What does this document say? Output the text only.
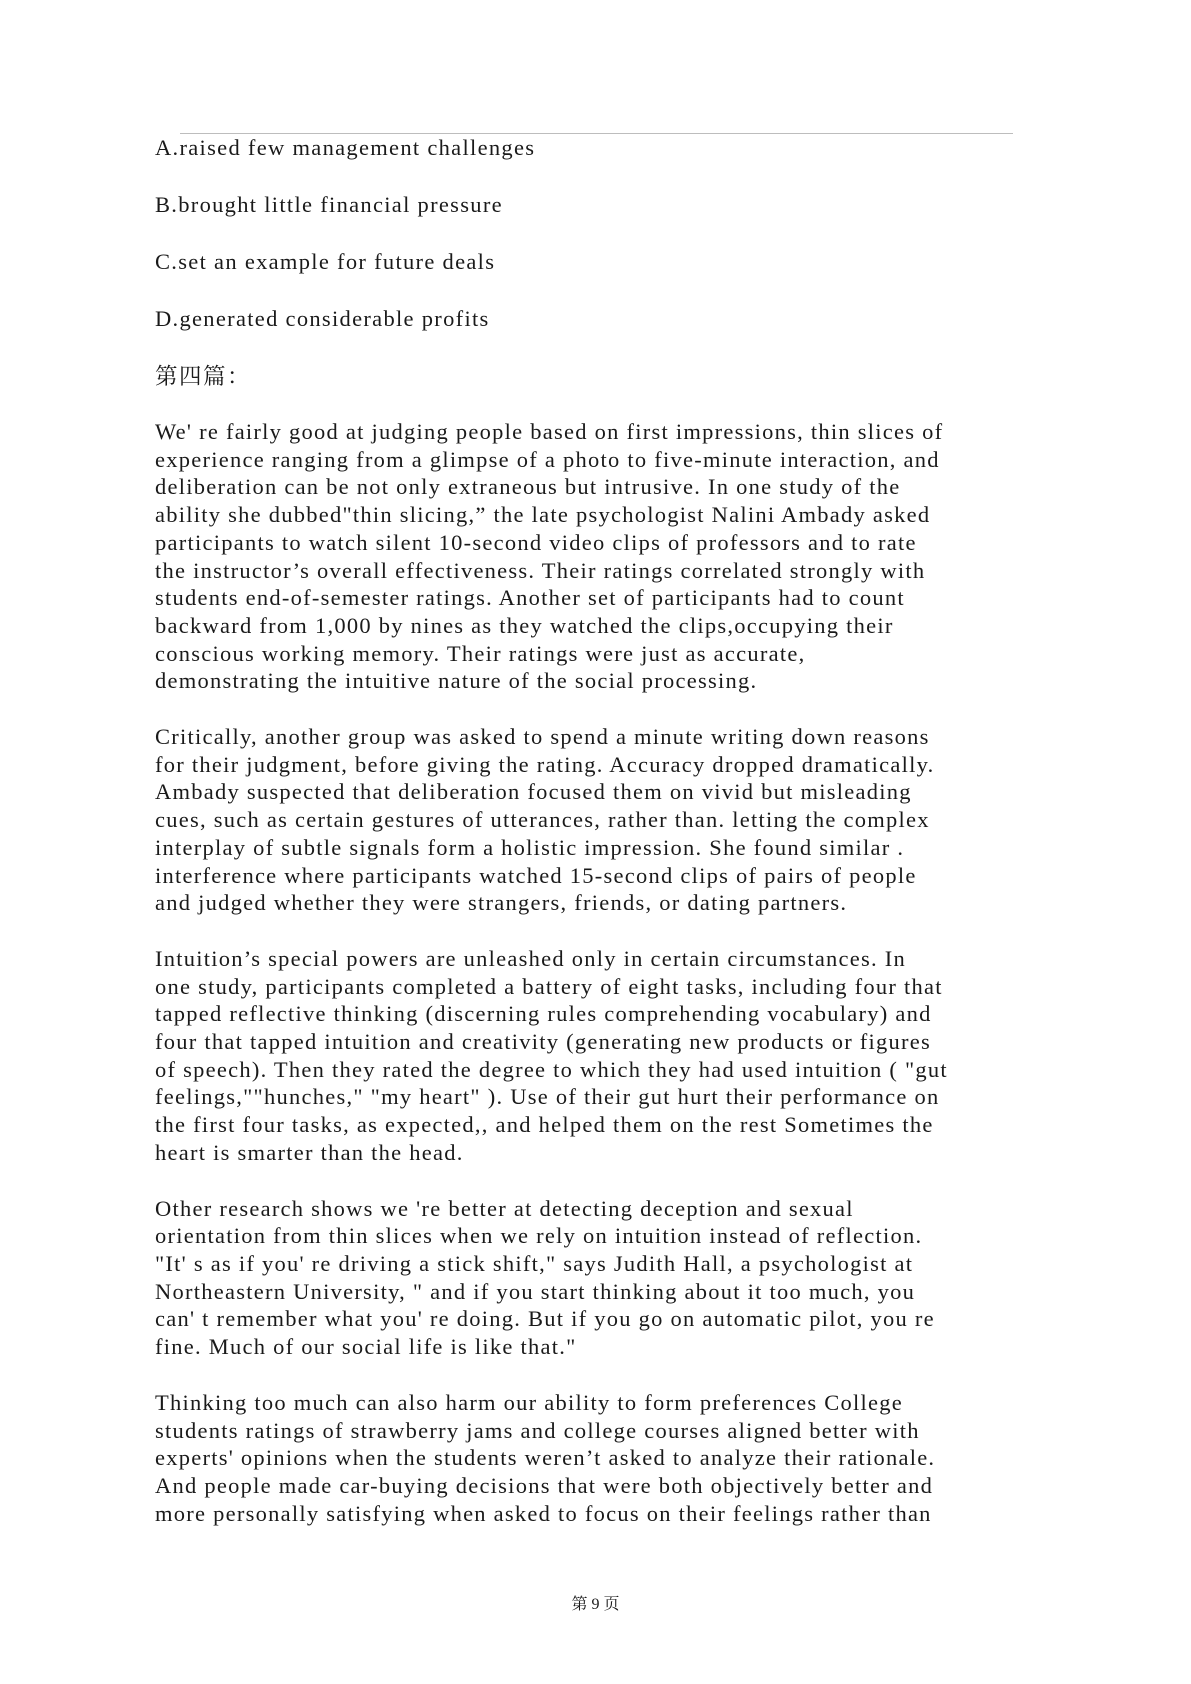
A.raised few management challenges

B.brought little financial pressure

C.set an example for future deals

D.generated considerable profits

第四篇：

We' re fairly good at judging people based on first impressions, thin slices of
experience ranging from a glimpse of a photo to five-minute interaction, and
deliberation can be not only extraneous but intrusive. In one study of the
ability she dubbed"thin slicing,” the late psychologist Nalini Ambady asked
participants to watch silent 10-second video clips of professors and to rate
the instructor’s overall effectiveness. Their ratings correlated strongly with
students end-of-semester ratings. Another set of participants had to count
backward from 1,000 by nines as they watched the clips,occupying their
conscious working memory. Their ratings were just as accurate,
demonstrating the intuitive nature of the social processing.

Critically, another group was asked to spend a minute writing down reasons
for their judgment, before giving the rating. Accuracy dropped dramatically.
Ambady suspected that deliberation focused them on vivid but misleading
cues, such as certain gestures of utterances, rather than. letting the complex
interplay of subtle signals form a holistic impression. She found similar .
interference where participants watched 15-second clips of pairs of people
and judged whether they were strangers, friends, or dating partners.

Intuition’s special powers are unleashed only in certain circumstances. In
one study, participants completed a battery of eight tasks, including four that
tapped reflective thinking (discerning rules comprehending vocabulary) and
four that tapped intuition and creativity (generating new products or figures
of speech). Then they rated the degree to which they had used intuition ( "gut
feelings,""hunches," "my heart" ). Use of their gut hurt their performance on
the first four tasks, as expected,, and helped them on the rest Sometimes the
heart is smarter than the head.

Other research shows we 're better at detecting deception and sexual
orientation from thin slices when we rely on intuition instead of reflection.
"It' s as if you' re driving a stick shift," says Judith Hall, a psychologist at
Northeastern University, " and if you start thinking about it too much, you
can' t remember what you' re doing. But if you go on automatic pilot, you re
fine. Much of our social life is like that."

Thinking too much can also harm our ability to form preferences College
students ratings of strawberry jams and college courses aligned better with
experts' opinions when the students weren’t asked to analyze their rationale.
And people made car-buying decisions that were both objectively better and
more personally satisfying when asked to focus on their feelings rather than

第 9 页
